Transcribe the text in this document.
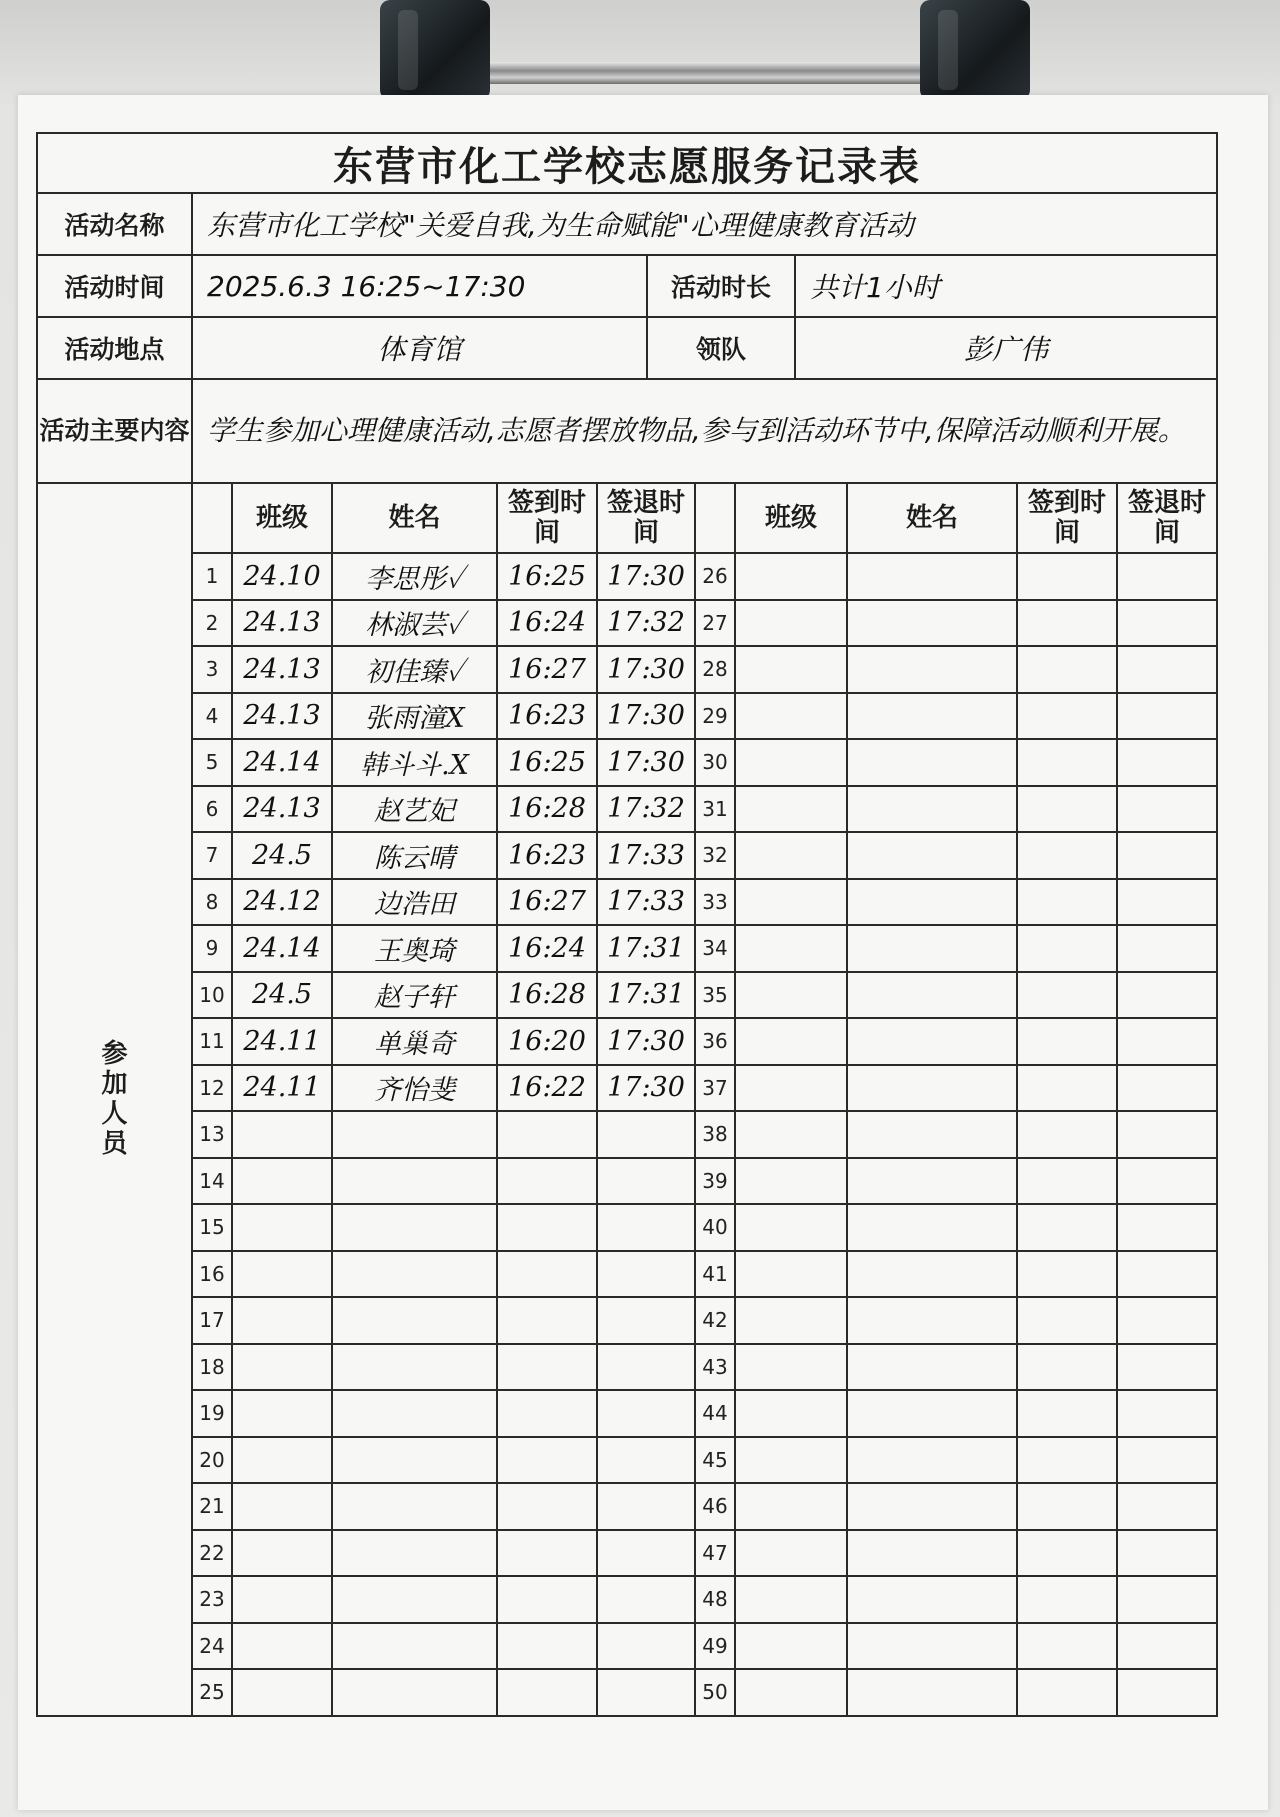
东营市化工学校志愿服务记录表			
活动名称	东营市化工学校"关爱自我,为生命赋能"心理健康教育活动		
活动时间	2025.6.3 16:25~17:30	活动时长	共计1小时
活动地点	体育馆	领队	彭广伟
活动主要内容	学生参加心理健康活动,志愿者摆放物品,参与到活动环节中,保障活动顺利开展。		
参
加
人
员		班级	姓名	签到时间	签退时间		班级	姓名	签到时间	签退时间
	1	24.10	李思彤✓	16:25	17:30	26				
	2	24.13	林淑芸✓	16:24	17:32	27				
	3	24.13	初佳臻✓	16:27	17:30	28				
	4	24.13	张雨潼X	16:23	17:30	29				
	5	24.14	韩斗斗.X	16:25	17:30	30				
	6	24.13	赵艺妃	16:28	17:32	31				
	7	24.5	陈云晴	16:23	17:33	32				
	8	24.12	边浩田	16:27	17:33	33				
	9	24.14	王奥琦	16:24	17:31	34				
	10	24.5	赵子轩	16:28	17:31	35				
	11	24.11	单巢奇	16:20	17:30	36				
	12	24.11	齐怡斐	16:22	17:30	37				
	13					38				
	14					39				
	15					40				
	16					41				
	17					42				
	18					43				
	19					44				
	20					45				
	21					46				
	22					47				
	23					48				
	24					49				
	25					50				
